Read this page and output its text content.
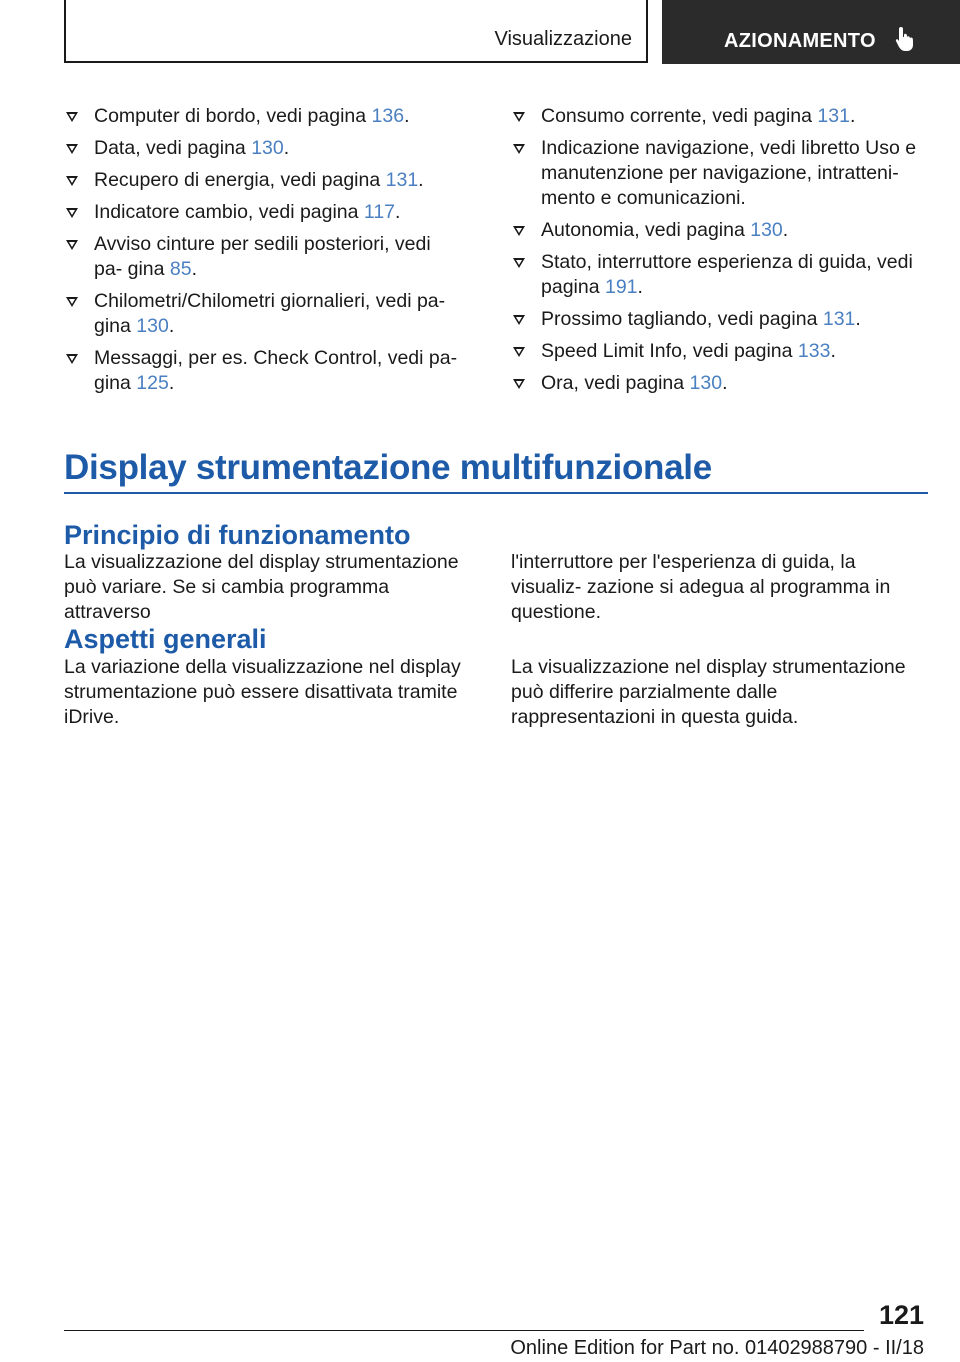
Visualizzazione	AZIONAMENTO
Computer di bordo, vedi pagina 136.
Data, vedi pagina 130.
Recupero di energia, vedi pagina 131.
Indicatore cambio, vedi pagina 117.
Avviso cinture per sedili posteriori, vedi pa‐ gina 85.
Chilometri/Chilometri giornalieri, vedi pa‐ gina 130.
Messaggi, per es. Check Control, vedi pa‐ gina 125.
Consumo corrente, vedi pagina 131.
Indicazione navigazione, vedi libretto Uso e manutenzione per navigazione, intratteni‐ mento e comunicazioni.
Autonomia, vedi pagina 130.
Stato, interruttore esperienza di guida, vedi pagina 191.
Prossimo tagliando, vedi pagina 131.
Speed Limit Info, vedi pagina 133.
Ora, vedi pagina 130.
Display strumentazione multifunzionale
Principio di funzionamento

La visualizzazione del display strumentazione può variare. Se si cambia programma attraverso

l'interruttore per l'esperienza di guida, la visualiz‐ zazione si adegua al programma in questione.

Aspetti generali

La variazione della visualizzazione nel display strumentazione può essere disattivata tramite iDrive.

La visualizzazione nel display strumentazione può differire parzialmente dalle rappresentazioni in questa guida.

121
Online Edition for Part no. 01402988790 - II/18
